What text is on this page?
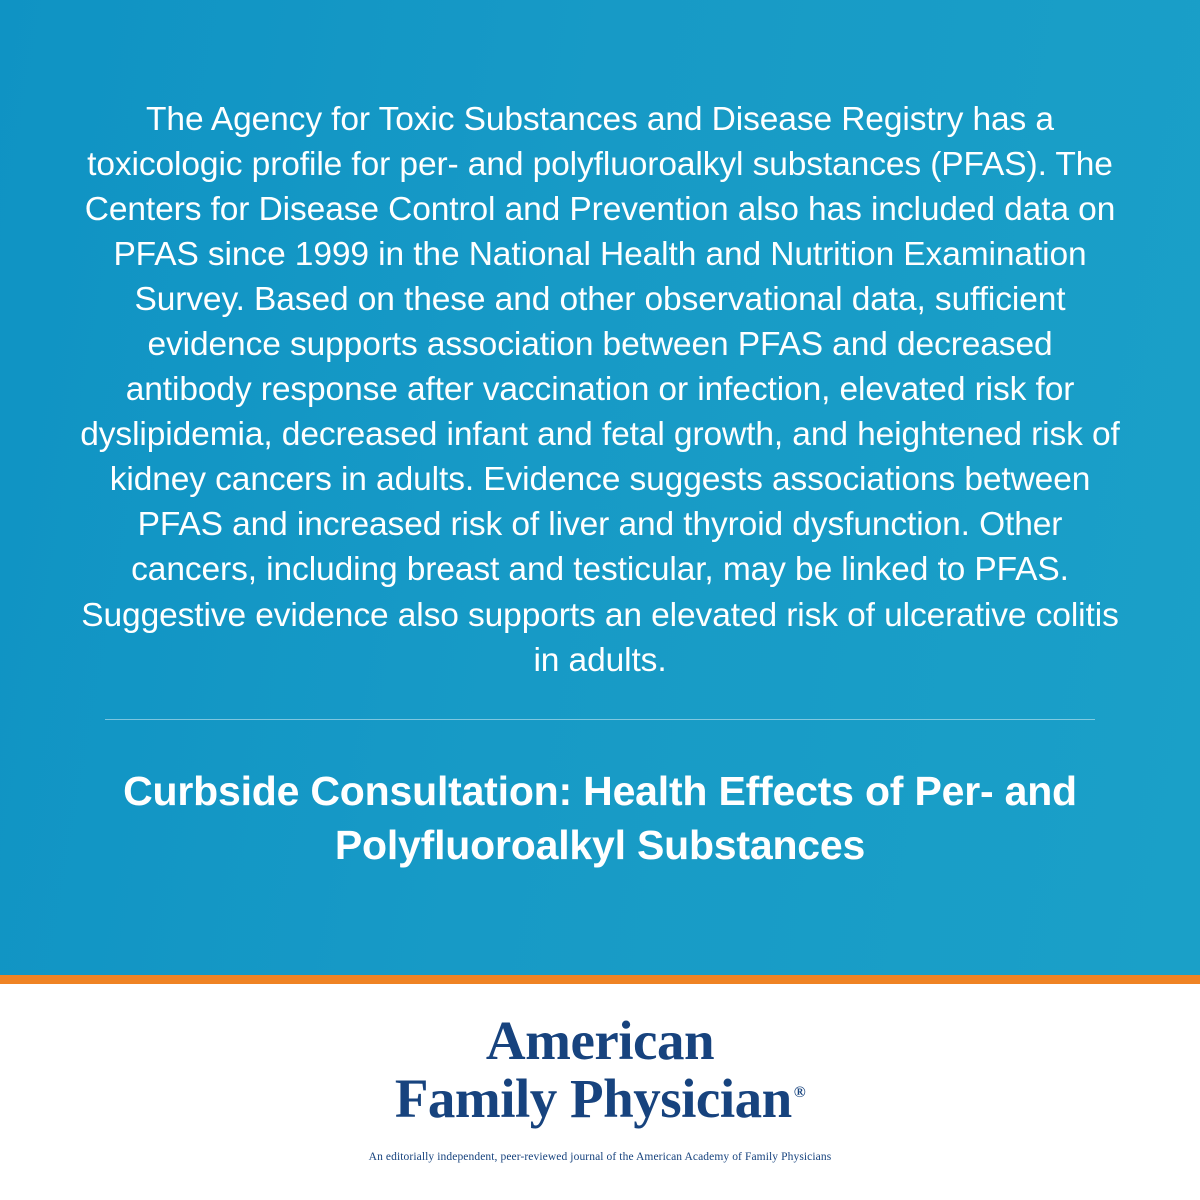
The Agency for Toxic Substances and Disease Registry has a toxicologic profile for per- and polyfluoroalkyl substances (PFAS). The Centers for Disease Control and Prevention also has included data on PFAS since 1999 in the National Health and Nutrition Examination Survey. Based on these and other observational data, sufficient evidence supports association between PFAS and decreased antibody response after vaccination or infection, elevated risk for dyslipidemia, decreased infant and fetal growth, and heightened risk of kidney cancers in adults. Evidence suggests associations between PFAS and increased risk of liver and thyroid dysfunction. Other cancers, including breast and testicular, may be linked to PFAS. Suggestive evidence also supports an elevated risk of ulcerative colitis in adults.
Curbside Consultation: Health Effects of Per- and Polyfluoroalkyl Substances
American
Family Physician ®
An editorially independent, peer-reviewed journal of the American Academy of Family Physicians
